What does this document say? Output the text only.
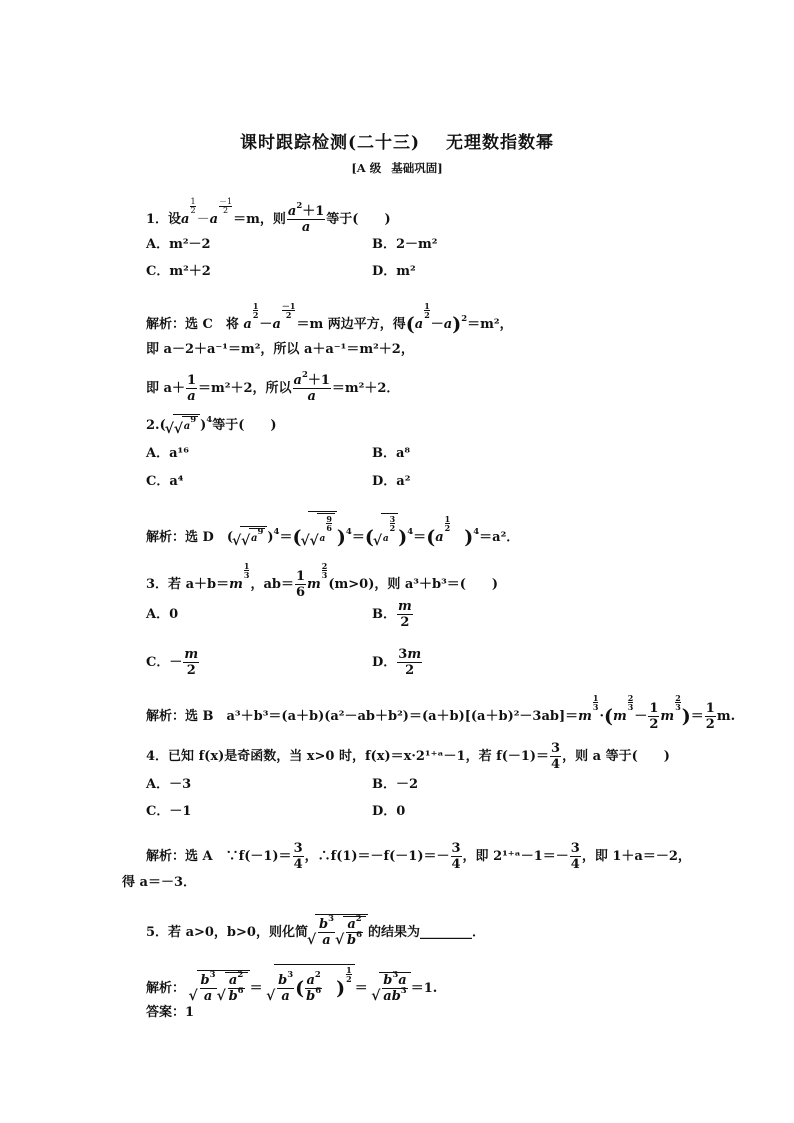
课时跟踪检测(二十三) 无理数指数幂
[A 级 基础巩固]
1．设a
$\frac{1}{2}$
－a
$\frac{-1}{2}$
＝m，则 $\frac{a^2+1}{a}$ 等于(　　)
A．m²－2	B．2－m²
C．m²＋2	D．m²
解析：选 C　将 a
$\frac{1}{2}$
－a
$\frac{-1}{2}$
＝m 两边平方，得(a
$\frac{1}{2}$
－a)$^2$＝m²，
即 a－2＋a⁻¹＝m²，所以 a＋a⁻¹＝m²＋2，
即 $a+ \frac{1}{a} =m^2+2$，所以 $\frac{a^2+1}{a} =m^2+2$．
2.( √ √ $a^9$ )$^4$等于(　　)
A．a¹⁶	B．a⁸
C．a⁴	D．a²
解析：选 D　( √ √ $a^9$ )$^4$＝( √ √ a
$\frac{9}{6}$
)$^4$＝( √ a
$\frac{3}{2}$
)$^4$＝(a
$\frac{1}{2}$
　)$^4$＝a²．
3．若 a＋b＝m
$\frac{1}{3}$
，$ab= \frac{1}{6}$ m
$\frac{2}{3}$
(m>0)，则 a³＋b³＝(　　)
A．0	B． $\frac{m}{2}$
C．－ $\frac{m}{2}$	D． $\frac{3m}{2}$
解析：选 B　a³＋b³＝(a＋b)(a²－ab＋b²)＝(a＋b)[(a＋b)²－3ab]＝m
$\frac{1}{3}$
·(m
$\frac{2}{3}$
－ $\frac{1}{2}$ m
$\frac{2}{3}$
)＝ $\frac{1}{2} m$.
4．已知 f(x)是奇函数，当 x>0 时，f(x)＝x·2¹⁺ᵃ－1，若 $f(-1)= \frac{3}{4}$ ，则 a 等于(　　)
A．－3	B．－2
C．－1	D．0
解析：选 A　∵f(－1)＝ $\frac{3}{4}$ ，∴f(1)＝－f(－1)＝－ $\frac{3}{4}$ ，即 2¹⁺ᵃ－1＝－ $\frac{3}{4}$ ，即 1＋a＝－2，
得 a＝－3．
5．若 a>0，b>0，则化简 √ $\frac{b^3}{a}$ √ $\frac{a^2}{b^6}$ 的结果为________．
解析： √ $\frac{b^3}{a}$ √ $\frac{a^2}{b^6}$ ＝ √ $\frac{b^3}{a}$ ( $\frac{a^2}{b^6}$
　 )
$\frac{1}{2}$
＝ √ $\frac{b^3a}{ab^3} =1$.
答案：1
